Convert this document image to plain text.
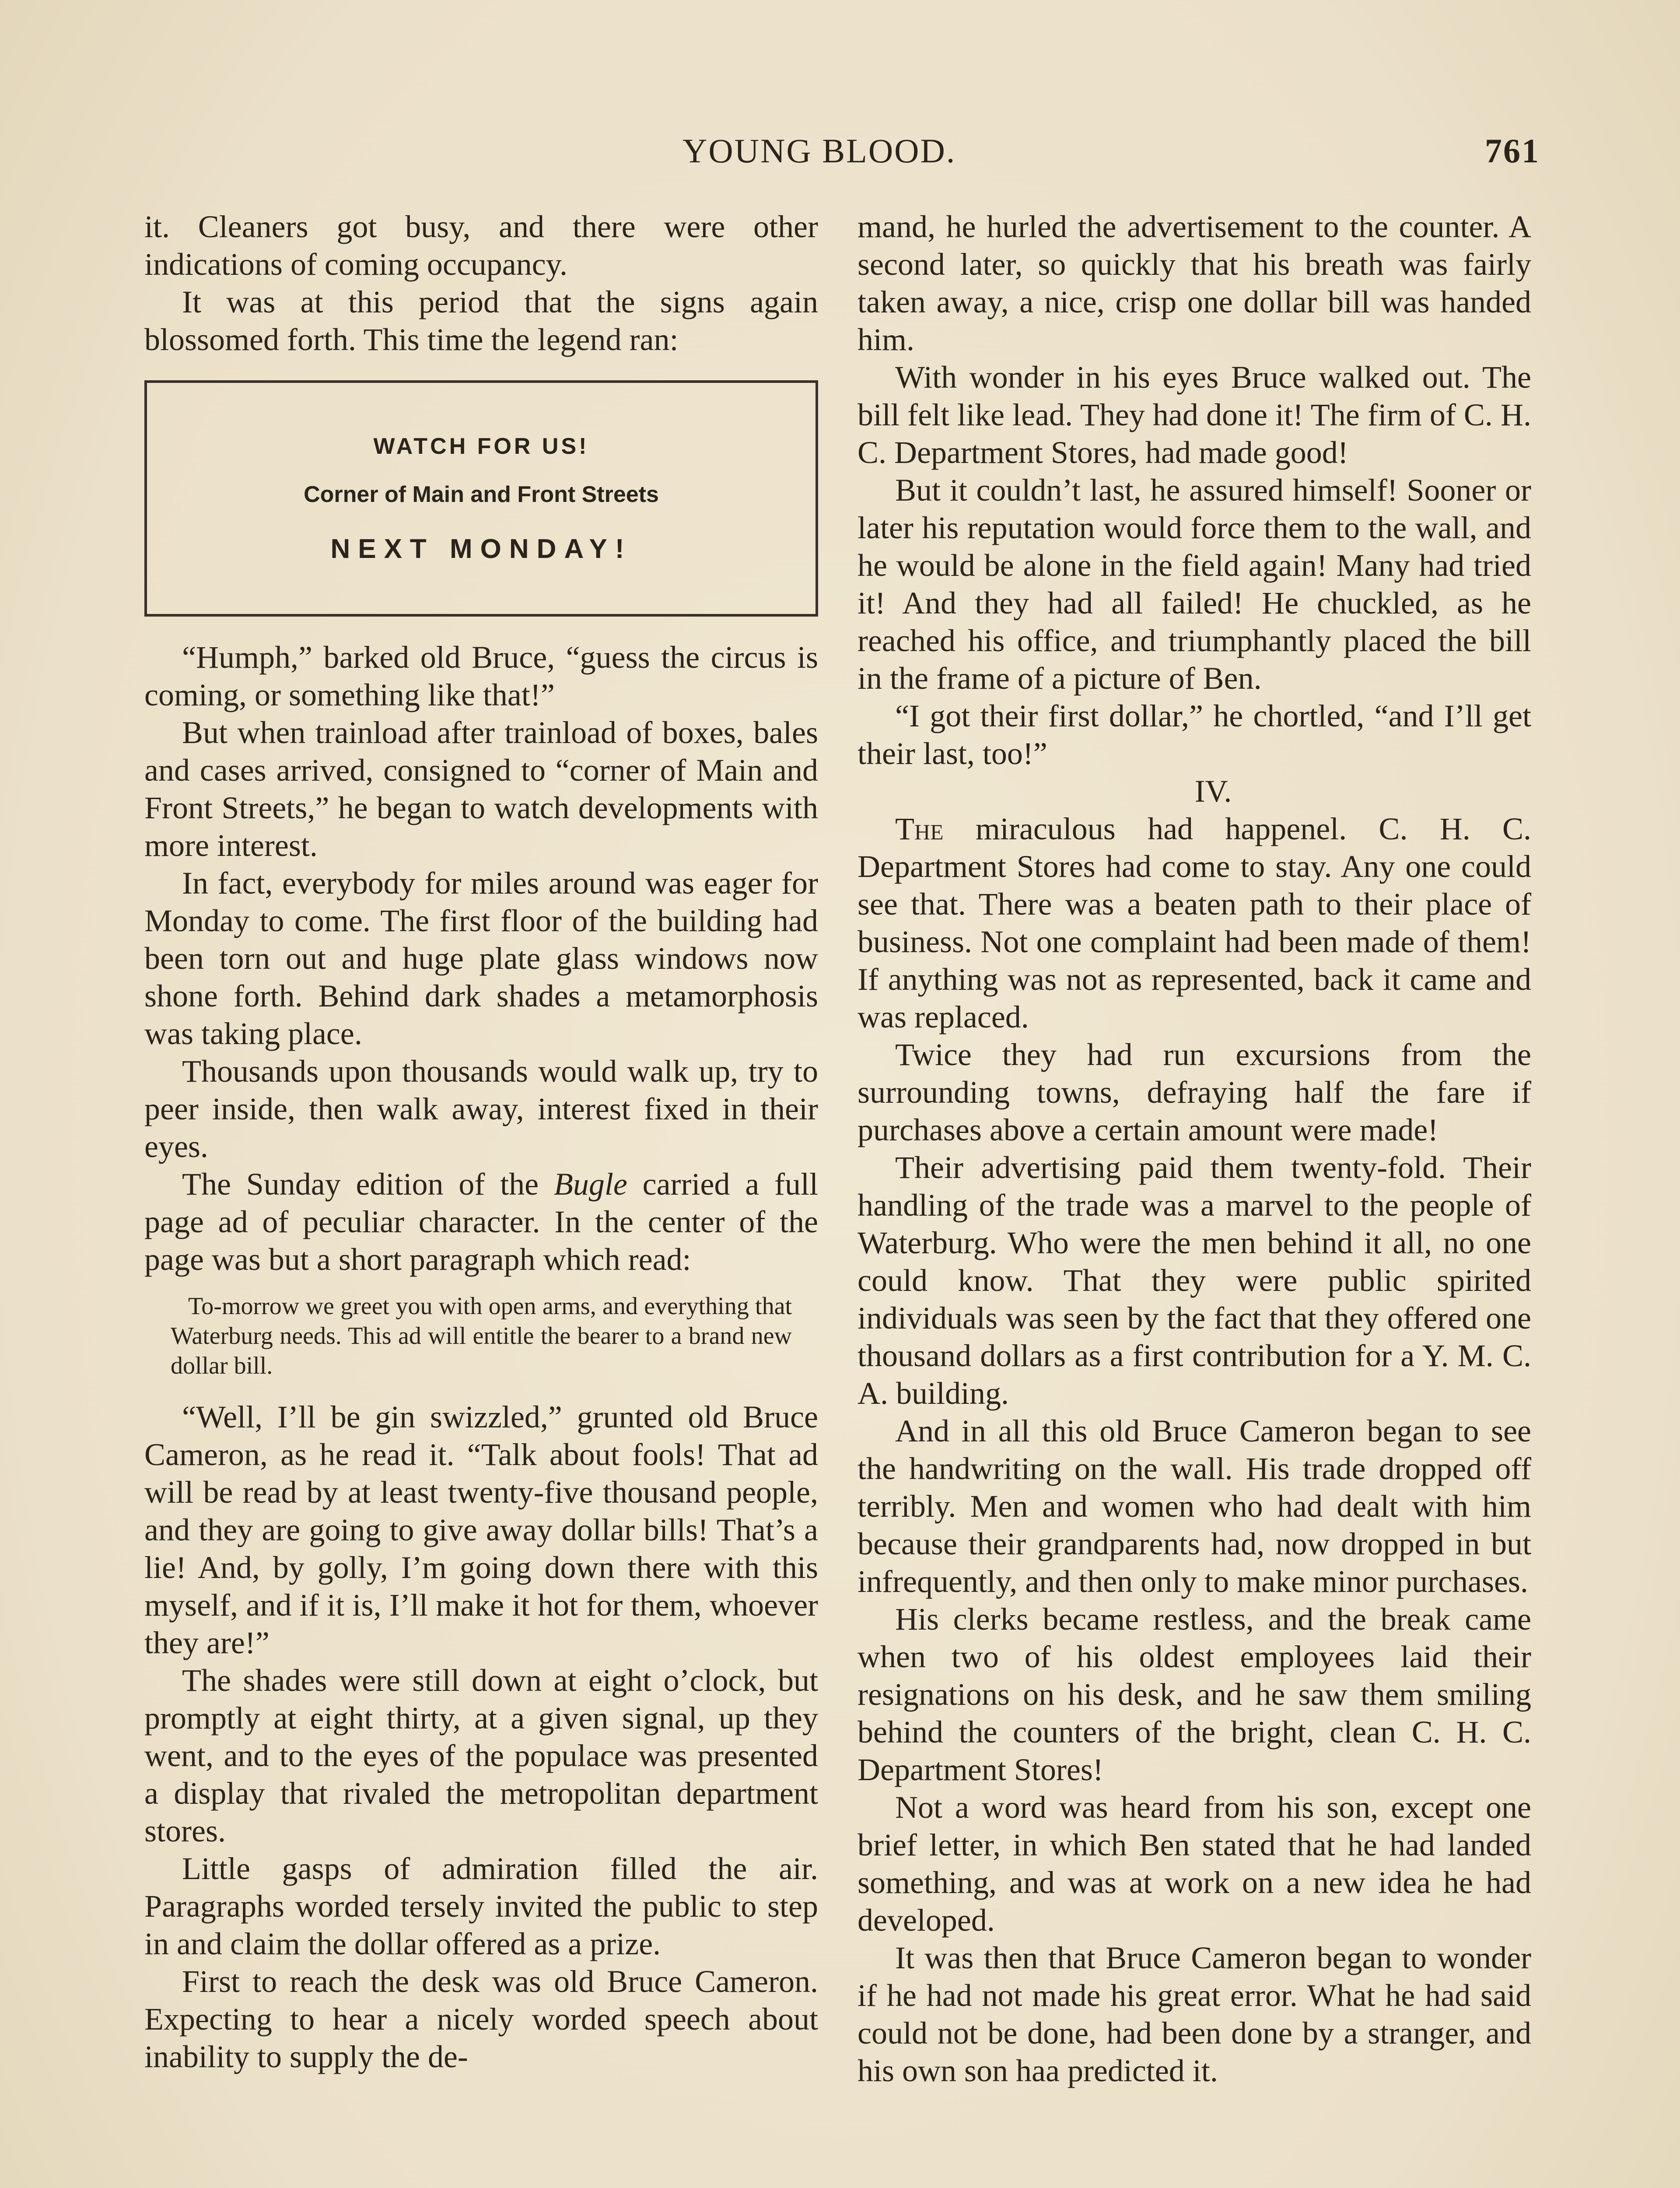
YOUNG BLOOD.	761

it. Cleaners got busy, and there were other indications of coming occupancy.

It was at this period that the signs again blossomed forth. This time the legend ran:

WATCH FOR US!
Corner of Main and Front Streets
NEXT MONDAY!

“Humph,” barked old Bruce, “guess the circus is coming, or something like that!”

But when trainload after trainload of boxes, bales and cases arrived, consigned to “corner of Main and Front Streets,” he began to watch developments with more interest.

In fact, everybody for miles around was eager for Monday to come. The first floor of the building had been torn out and huge plate glass windows now shone forth. Behind dark shades a metamorphosis was taking place.

Thousands upon thousands would walk up, try to peer inside, then walk away, interest fixed in their eyes.

The Sunday edition of the Bugle carried a full page ad of peculiar character. In the center of the page was but a short paragraph which read:

To-morrow we greet you with open arms, and everything that Waterburg needs. This ad will entitle the bearer to a brand new dollar bill.

“Well, I’ll be gin swizzled,” grunted old Bruce Cameron, as he read it. “Talk about fools! That ad will be read by at least twenty-five thousand people, and they are going to give away dollar bills! That’s a lie! And, by golly, I’m going down there with this myself, and if it is, I’ll make it hot for them, whoever they are!”

The shades were still down at eight o’clock, but promptly at eight thirty, at a given signal, up they went, and to the eyes of the populace was presented a display that rivaled the metropolitan department stores.

Little gasps of admiration filled the air. Paragraphs worded tersely invited the public to step in and claim the dollar offered as a prize.

First to reach the desk was old Bruce Cameron. Expecting to hear a nicely worded speech about inability to supply the de-

mand, he hurled the advertisement to the counter. A second later, so quickly that his breath was fairly taken away, a nice, crisp one dollar bill was handed him.

With wonder in his eyes Bruce walked out. The bill felt like lead. They had done it! The firm of C. H. C. Department Stores, had made good!

But it couldn’t last, he assured himself! Sooner or later his reputation would force them to the wall, and he would be alone in the field again! Many had tried it! And they had all failed! He chuckled, as he reached his office, and triumphantly placed the bill in the frame of a picture of Ben.

“I got their first dollar,” he chortled, “and I’ll get their last, too!”

IV.

The miraculous had happenel. C. H. C. Department Stores had come to stay. Any one could see that. There was a beaten path to their place of business. Not one complaint had been made of them! If anything was not as represented, back it came and was replaced.

Twice they had run excursions from the surrounding towns, defraying half the fare if purchases above a certain amount were made!

Their advertising paid them twenty-fold. Their handling of the trade was a marvel to the people of Waterburg. Who were the men behind it all, no one could know. That they were public spirited individuals was seen by the fact that they offered one thousand dollars as a first contribution for a Y. M. C. A. building.

And in all this old Bruce Cameron began to see the handwriting on the wall. His trade dropped off terribly. Men and women who had dealt with him because their grandparents had, now dropped in but infrequently, and then only to make minor purchases.

His clerks became restless, and the break came when two of his oldest employees laid their resignations on his desk, and he saw them smiling behind the counters of the bright, clean C. H. C. Department Stores!

Not a word was heard from his son, except one brief letter, in which Ben stated that he had landed something, and was at work on a new idea he had developed.

It was then that Bruce Cameron began to wonder if he had not made his great error. What he had said could not be done, had been done by a stranger, and his own son haa predicted it.
